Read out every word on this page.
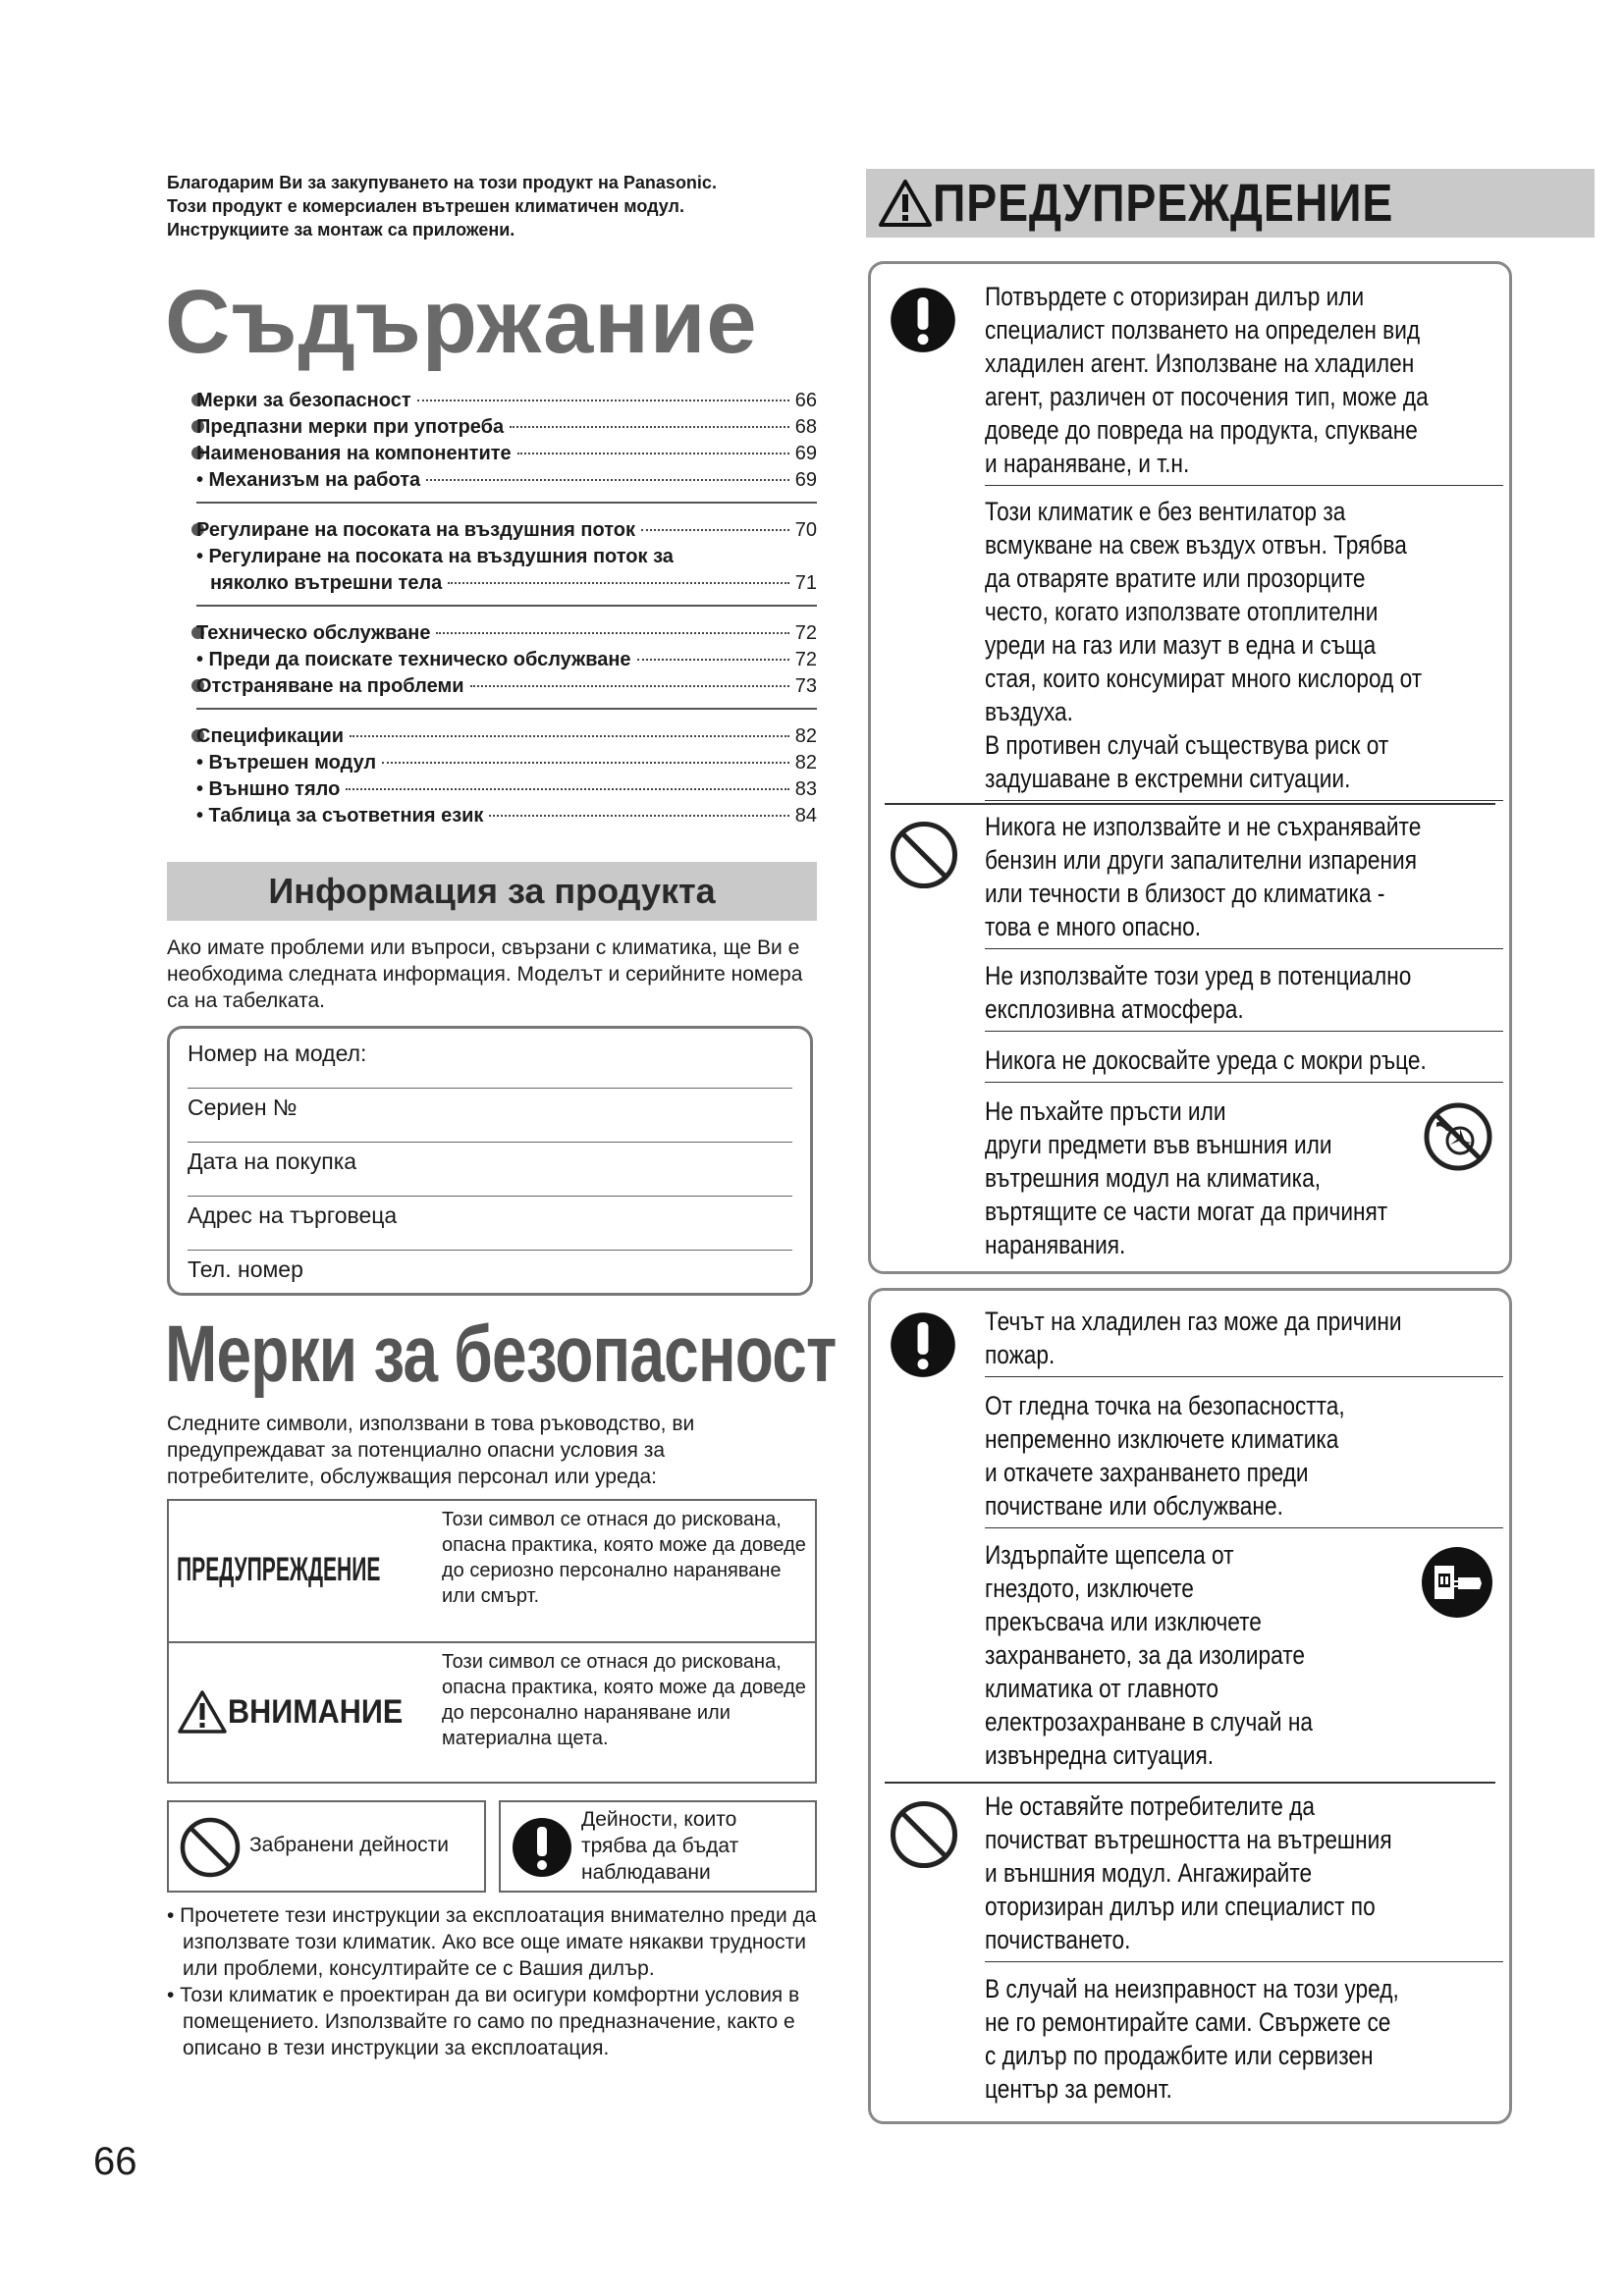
Благодарим Ви за закупуването на този продукт на Panasonic.
Този продукт е комерсиален вътрешен климатичен модул.
Инструкциите за монтаж са приложени.
Съдържание
Мерки за безопасност	66
Предпазни мерки при употреба	68
Наименования на компонентите	69
• Механизъм на работа	69
Регулиране на посоката на въздушния поток	70
• Регулиране на посоката на въздушния поток за
няколко вътрешни тела	71
Техническо обслужване	72
• Преди да поискате техническо обслужване	72
Отстраняване на проблеми	73
Спецификации	82
• Вътрешен модул	82
• Външно тяло	83
• Таблица за съответния език	84
Информация за продукта
Ако имате проблеми или въпроси, свързани с климатика, ще Ви е необходима следната информация. Моделът и серийните номера са на табелката.
Номер на модел:
Сериен №
Дата на покупка
Адрес на търговеца
Тел. номер
Мерки за безопасност
Следните символи, използвани в това ръководство, ви предупреждават за потенциално опасни условия за потребителите, обслужващия персонал или уреда:
ПРЕДУПРЕЖДЕНИЕ
Този символ се отнася до рискована, опасна практика, която може да доведе до сериозно персонално нараняване или смърт.
ВНИМАНИЕ
Този символ се отнася до рискована, опасна практика, която може да доведе до персонално нараняване или материална щета.
Забранени дейности
Дейности, които трябва да бъдат наблюдавани
• Прочетете тези инструкции за експлоатация внимателно преди да използвате този климатик. Ако все още имате някакви трудности или проблеми, консултирайте се с Вашия дилър.
• Този климатик е проектиран да ви осигури комфортни условия в помещението. Използвайте го само по предназначение, както е описано в тези инструкции за експлоатация.
66
ПРЕДУПРЕЖДЕНИЕ
Потвърдете с оторизиран дилър или
специалист ползването на определен вид
хладилен агент. Използване на хладилен
агент, различен от посочения тип, може да
доведе до повреда на продукта, спукване
и нараняване, и т.н.
Този климатик е без вентилатор за
всмукване на свеж въздух отвън. Трябва
да отваряте вратите или прозорците
често, когато използвате отоплителни
уреди на газ или мазут в една и съща
стая, които консумират много кислород от
въздуха.
В противен случай съществува риск от
задушаване в екстремни ситуации.
Никога не използвайте и не съхранявайте
бензин или други запалителни изпарения
или течности в близост до климатика -
това е много опасно.
Не използвайте този уред в потенциално
експлозивна атмосфера.
Никога не докосвайте уреда с мокри ръце.
Не пъхайте пръсти или
други предмети във външния или
вътрешния модул на климатика,
въртящите се части могат да причинят
наранявания.
Течът на хладилен газ може да причини
пожар.
От гледна точка на безопасността,
непременно изключете климатика
и откачете захранването преди
почистване или обслужване.
Издърпайте щепсела от
гнездото, изключете
прекъсвача или изключете
захранването, за да изолирате
климатика от главното
електрозахранване в случай на
извънредна ситуация.
Не оставяйте потребителите да
почистват вътрешността на вътрешния
и външния модул. Ангажирайте
оторизиран дилър или специалист по
почистването.
В случай на неизправност на този уред,
не го ремонтирайте сами. Свържете се
с дилър по продажбите или сервизен
център за ремонт.
